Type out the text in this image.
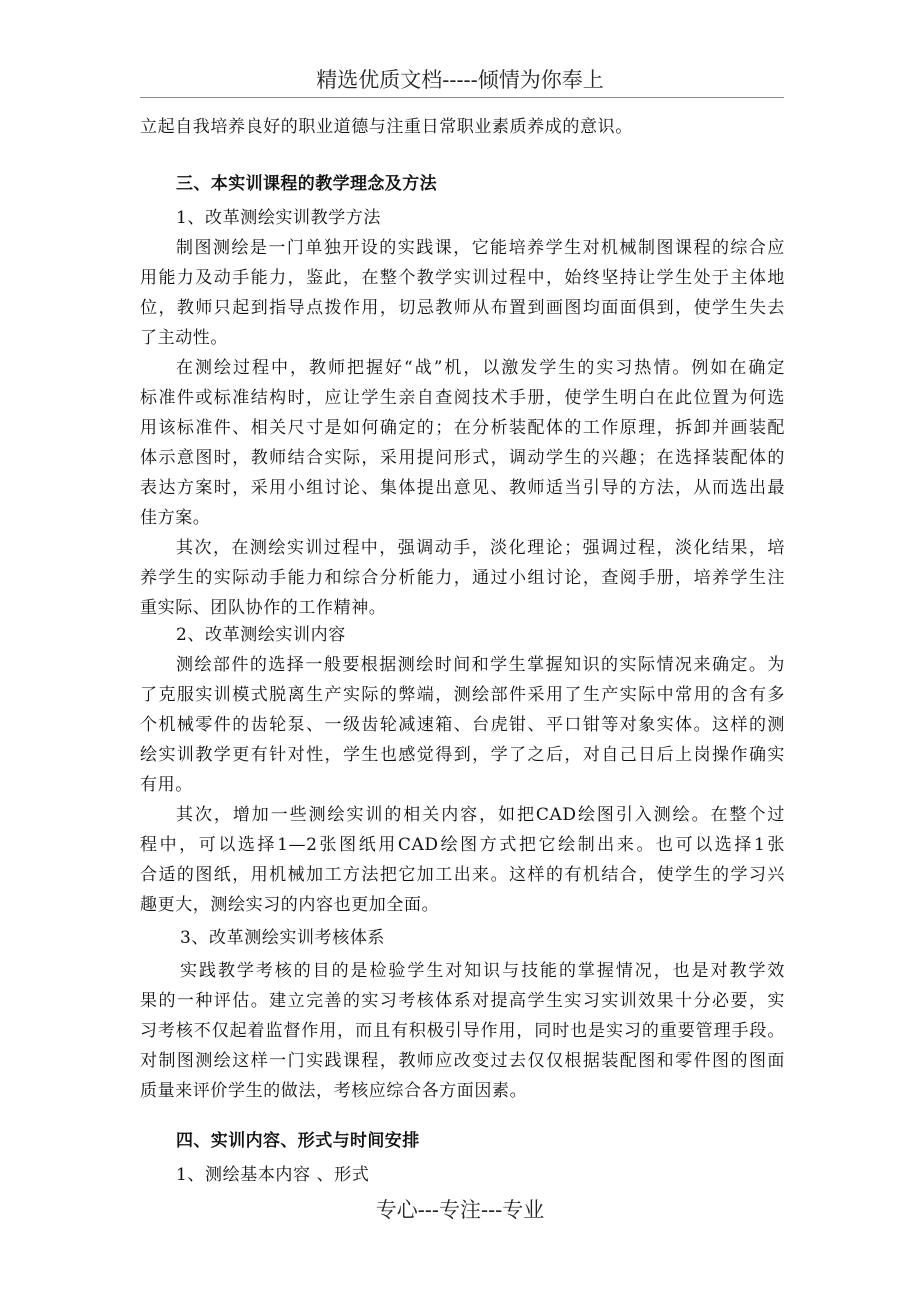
精选优质文档-----倾情为你奉上
立起自我培养良好的职业道德与注重日常职业素质养成的意识。
三、本实训课程的教学理念及方法
1、改革测绘实训教学方法
制图测绘是一门单独开设的实践课，它能培养学生对机械制图课程的综合应
用能力及动手能力，鉴此，在整个教学实训过程中，始终坚持让学生处于主体地
位，教师只起到指导点拨作用，切忌教师从布置到画图均面面俱到，使学生失去
了主动性。
在测绘过程中，教师把握好“战”机，以激发学生的实习热情。例如在确定
标准件或标准结构时，应让学生亲自查阅技术手册，使学生明白在此位置为何选
用该标准件、相关尺寸是如何确定的；在分析装配体的工作原理，拆卸并画装配
体示意图时，教师结合实际，采用提问形式，调动学生的兴趣；在选择装配体的
表达方案时，采用小组讨论、集体提出意见、教师适当引导的方法，从而选出最
佳方案。
其次，在测绘实训过程中，强调动手，淡化理论；强调过程，淡化结果，培
养学生的实际动手能力和综合分析能力，通过小组讨论，查阅手册，培养学生注
重实际、团队协作的工作精神。
2、改革测绘实训内容
测绘部件的选择一般要根据测绘时间和学生掌握知识的实际情况来确定。为
了克服实训模式脱离生产实际的弊端，测绘部件采用了生产实际中常用的含有多
个机械零件的齿轮泵、一级齿轮减速箱、台虎钳、平口钳等对象实体。这样的测
绘实训教学更有针对性，学生也感觉得到，学了之后，对自己日后上岗操作确实
有用。
其次，增加一些测绘实训的相关内容，如把CAD绘图引入测绘。在整个过
程中，可以选择1—2张图纸用CAD绘图方式把它绘制出来。也可以选择1张
合适的图纸，用机械加工方法把它加工出来。这样的有机结合，使学生的学习兴
趣更大，测绘实习的内容也更加全面。
3、改革测绘实训考核体系
实践教学考核的目的是检验学生对知识与技能的掌握情况，也是对教学效
果的一种评估。建立完善的实习考核体系对提高学生实习实训效果十分必要，实
习考核不仅起着监督作用，而且有积极引导作用，同时也是实习的重要管理手段。
对制图测绘这样一门实践课程，教师应改变过去仅仅根据装配图和零件图的图面
质量来评价学生的做法，考核应综合各方面因素。
四、实训内容、形式与时间安排
1、测绘基本内容 、形式
专心---专注---专业
